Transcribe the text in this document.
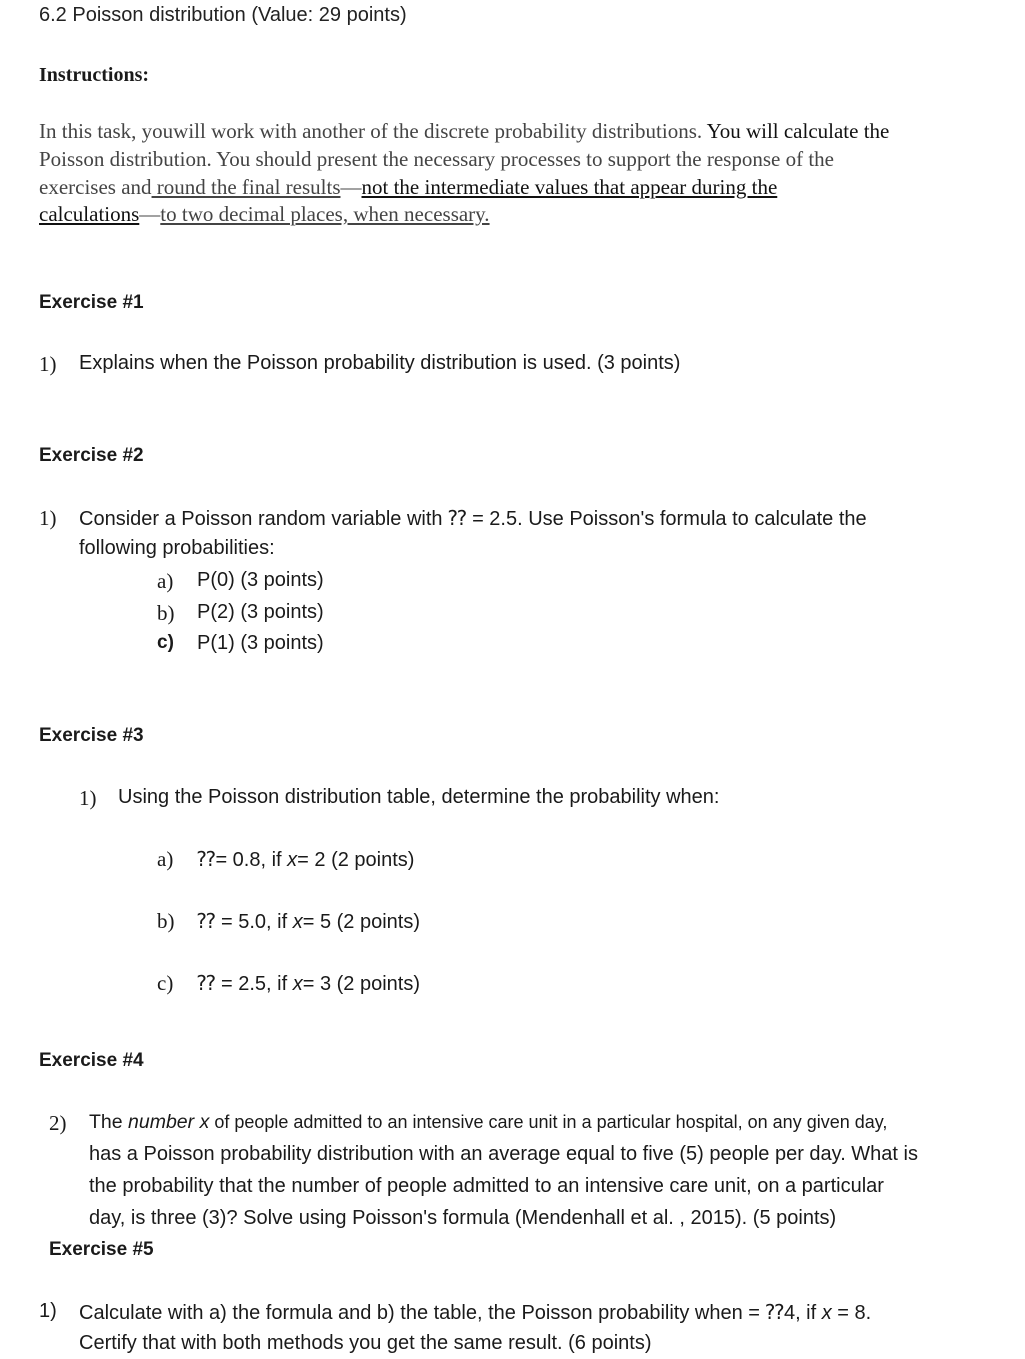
6.2 Poisson distribution (Value: 29 points)
Instructions:
In this task, youwill work with another of the discrete probability distributions. You will calculate the
Poisson distribution. You should present the necessary processes to support the response of the
exercises and round the final results—not the intermediate values that appear during the
calculations—to two decimal places, when necessary.
Exercise #1
1) Explains when the Poisson probability distribution is used. (3 points)
Exercise #2
1) Consider a Poisson random variable with ⁇ = 2.5. Use Poisson's formula to calculate the
following probabilities:
a) P(0) (3 points)
b) P(2) (3 points)
c) P(1) (3 points)
Exercise #3
1) Using the Poisson distribution table, determine the probability when:
a) ⁇= 0.8, if x= 2 (2 points)
b) ⁇ = 5.0, if x= 5 (2 points)
c) ⁇ = 2.5, if x= 3 (2 points)
Exercise #4
2) The number x of people admitted to an intensive care unit in a particular hospital, on any given day,
has a Poisson probability distribution with an average equal to five (5) people per day. What is
the probability that the number of people admitted to an intensive care unit, on a particular
day, is three (3)? Solve using Poisson's formula (Mendenhall et al. , 2015). (5 points)
Exercise #5
1) Calculate with a) the formula and b) the table, the Poisson probability when = ⁇4, if x = 8.
Certify that with both methods you get the same result. (6 points)
